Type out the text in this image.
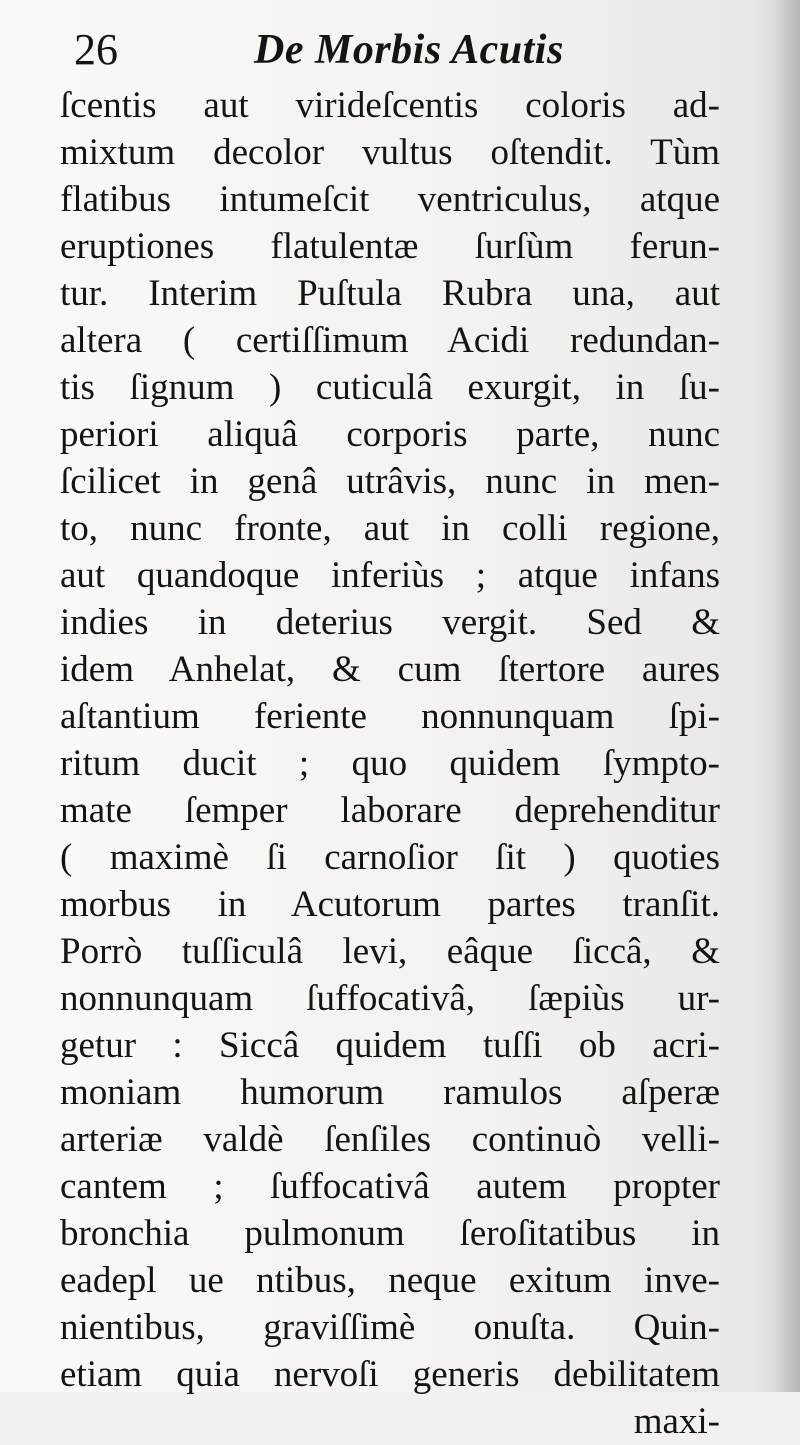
26	De Morbis Acutis
ſcentis aut virideſcentis coloris ad-
mixtum decolor vultus oſtendit. Tùm
flatibus intumeſcit ventriculus, atque
eruptiones flatulentæ ſurſùm ferun-
tur. Interim Puſtula Rubra una, aut
altera ( certiſſimum Acidi redundan-
tis ſignum ) cuticulâ exurgit, in ſu-
periori aliquâ corporis parte, nunc
ſcilicet in genâ utrâvis, nunc in men-
to, nunc fronte, aut in colli regione,
aut quandoque inferiùs ; atque infans
indies in deterius vergit. Sed &
idem Anhelat, & cum ſtertore aures
aſtantium feriente nonnunquam ſpi-
ritum ducit ; quo quidem ſympto-
mate ſemper laborare deprehenditur
( maximè ſi carnoſior ſit ) quoties
morbus in Acutorum partes tranſit.
Porrò tuſſiculâ levi, eâque ſiccâ, &
nonnunquam ſuffocativâ, ſæpiùs ur-
getur : Siccâ quidem tuſſi ob acri-
moniam humorum ramulos aſperæ
arteriæ valdè ſenſiles continuò velli-
cantem ; ſuffocativâ autem propter
bronchia pulmonum ſeroſitatibus in
eadepl ue ntibus, neque exitum inve-
nientibus, graviſſimè onuſta. Quin-
etiam quia nervoſi generis debilitatem
maxi-
